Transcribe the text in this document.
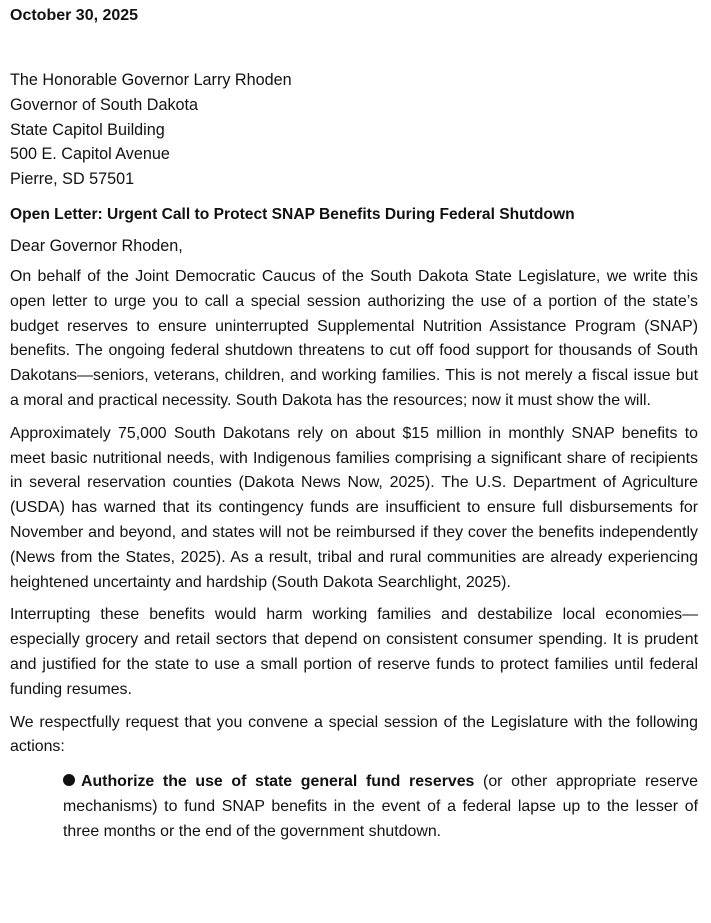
October 30, 2025
The Honorable Governor Larry Rhoden
Governor of South Dakota
State Capitol Building
500 E. Capitol Avenue
Pierre, SD 57501
Open Letter: Urgent Call to Protect SNAP Benefits During Federal Shutdown
Dear Governor Rhoden,

On behalf of the Joint Democratic Caucus of the South Dakota State Legislature, we write this open letter to urge you to call a special session authorizing the use of a portion of the state’s budget reserves to ensure uninterrupted Supplemental Nutrition Assistance Program (SNAP) benefits. The ongoing federal shutdown threatens to cut off food support for thousands of South Dakotans—seniors, veterans, children, and working families. This is not merely a fiscal issue but a moral and practical necessity. South Dakota has the resources; now it must show the will.

Approximately 75,000 South Dakotans rely on about $15 million in monthly SNAP benefits to meet basic nutritional needs, with Indigenous families comprising a significant share of recipients in several reservation counties (Dakota News Now, 2025). The U.S. Department of Agriculture (USDA) has warned that its contingency funds are insufficient to ensure full disbursements for November and beyond, and states will not be reimbursed if they cover the benefits independently (News from the States, 2025). As a result, tribal and rural communities are already experiencing heightened uncertainty and hardship (South Dakota Searchlight, 2025).

Interrupting these benefits would harm working families and destabilize local economies—especially grocery and retail sectors that depend on consistent consumer spending. It is prudent and justified for the state to use a small portion of reserve funds to protect families until federal funding resumes.

We respectfully request that you convene a special session of the Legislature with the following actions:

Authorize the use of state general fund reserves (or other appropriate reserve mechanisms) to fund SNAP benefits in the event of a federal lapse up to the lesser of three months or the end of the government shutdown.
